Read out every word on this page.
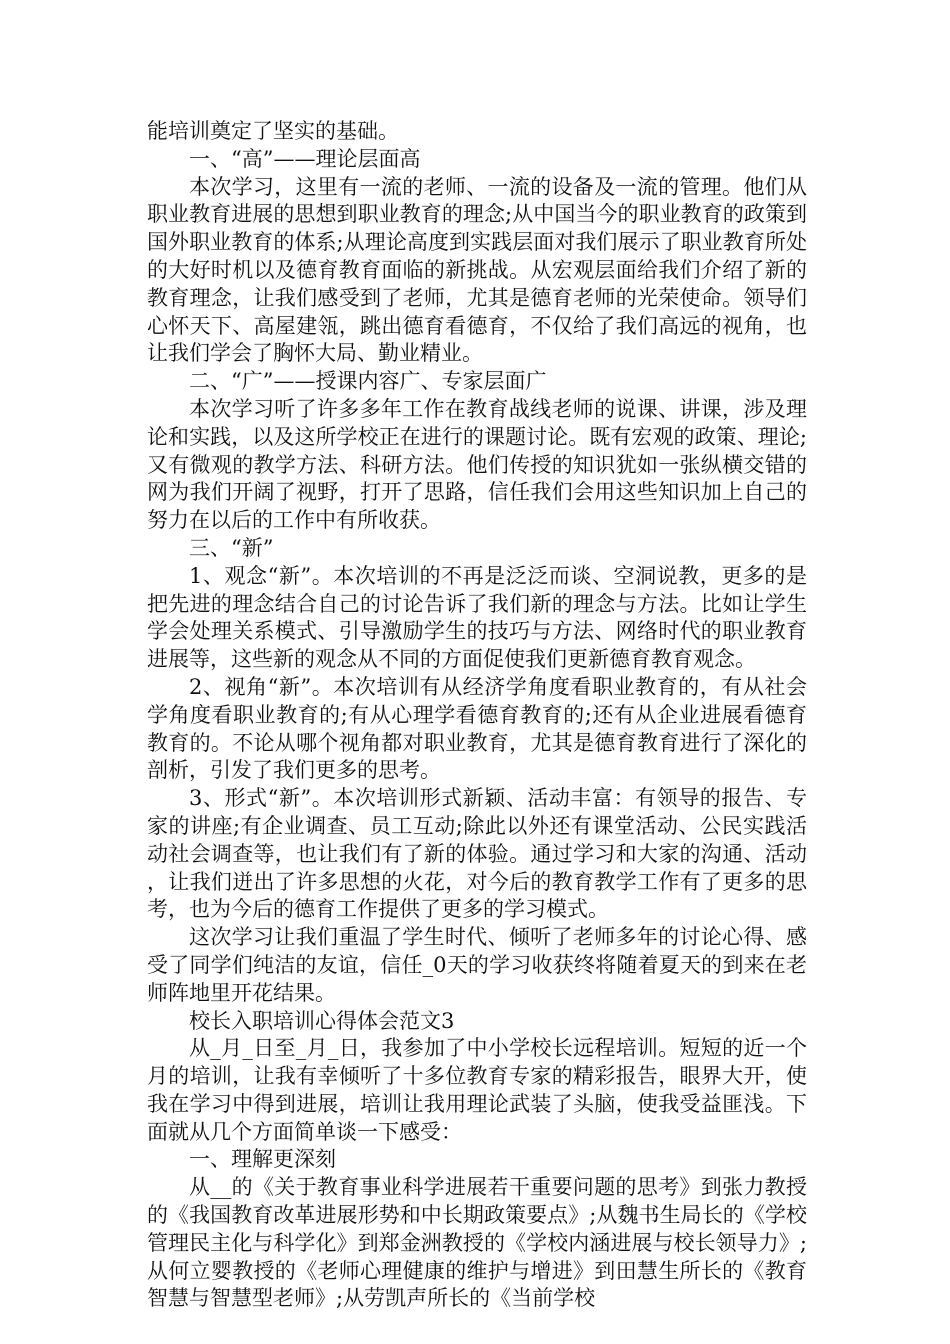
能培训奠定了坚实的基础。

一、“高”——理论层面高

本次学习，这里有一流的老师、一流的设备及一流的管理。他们从职业教育进展的思想到职业教育的理念;从中国当今的职业教育的政策到国外职业教育的体系;从理论高度到实践层面对我们展示了职业教育所处的大好时机以及德育教育面临的新挑战。从宏观层面给我们介绍了新的教育理念，让我们感受到了老师，尤其是德育老师的光荣使命。领导们心怀天下、高屋建瓴，跳出德育看德育，不仅给了我们高远的视角，也让我们学会了胸怀大局、勤业精业。

二、“广”——授课内容广、专家层面广

本次学习听了许多多年工作在教育战线老师的说课、讲课，涉及理论和实践，以及这所学校正在进行的课题讨论。既有宏观的政策、理论;又有微观的教学方法、科研方法。他们传授的知识犹如一张纵横交错的网为我们开阔了视野，打开了思路，信任我们会用这些知识加上自己的努力在以后的工作中有所收获。

三、“新”

1、观念“新”。本次培训的不再是泛泛而谈、空洞说教，更多的是把先进的理念结合自己的讨论告诉了我们新的理念与方法。比如让学生学会处理关系模式、引导激励学生的技巧与方法、网络时代的职业教育进展等，这些新的观念从不同的方面促使我们更新德育教育观念。

2、视角“新”。本次培训有从经济学角度看职业教育的，有从社会学角度看职业教育的;有从心理学看德育教育的;还有从企业进展看德育教育的。不论从哪个视角都对职业教育，尤其是德育教育进行了深化的剖析，引发了我们更多的思考。

3、形式“新”。本次培训形式新颖、活动丰富：有领导的报告、专家的讲座;有企业调查、员工互动;除此以外还有课堂活动、公民实践活动社会调查等，也让我们有了新的体验。通过学习和大家的沟通、活动，让我们迸出了许多思想的火花，对今后的教育教学工作有了更多的思考，也为今后的德育工作提供了更多的学习模式。

这次学习让我们重温了学生时代、倾听了老师多年的讨论心得、感受了同学们纯洁的友谊，信任_0天的学习收获终将随着夏天的到来在老师阵地里开花结果。

校长入职培训心得体会范文3

从_月_日至_月_日，我参加了中小学校长远程培训。短短的近一个月的培训，让我有幸倾听了十多位教育专家的精彩报告，眼界大开，使我在学习中得到进展，培训让我用理论武装了头脑，使我受益匪浅。下面就从几个方面简单谈一下感受：

一、理解更深刻

从__的《关于教育事业科学进展若干重要问题的思考》到张力教授的《我国教育改革进展形势和中长期政策要点》;从魏书生局长的《学校管理民主化与科学化》到郑金洲教授的《学校内涵进展与校长领导力》;从何立婴教授的《老师心理健康的维护与增进》到田慧生所长的《教育智慧与智慧型老师》;从劳凯声所长的《当前学校
